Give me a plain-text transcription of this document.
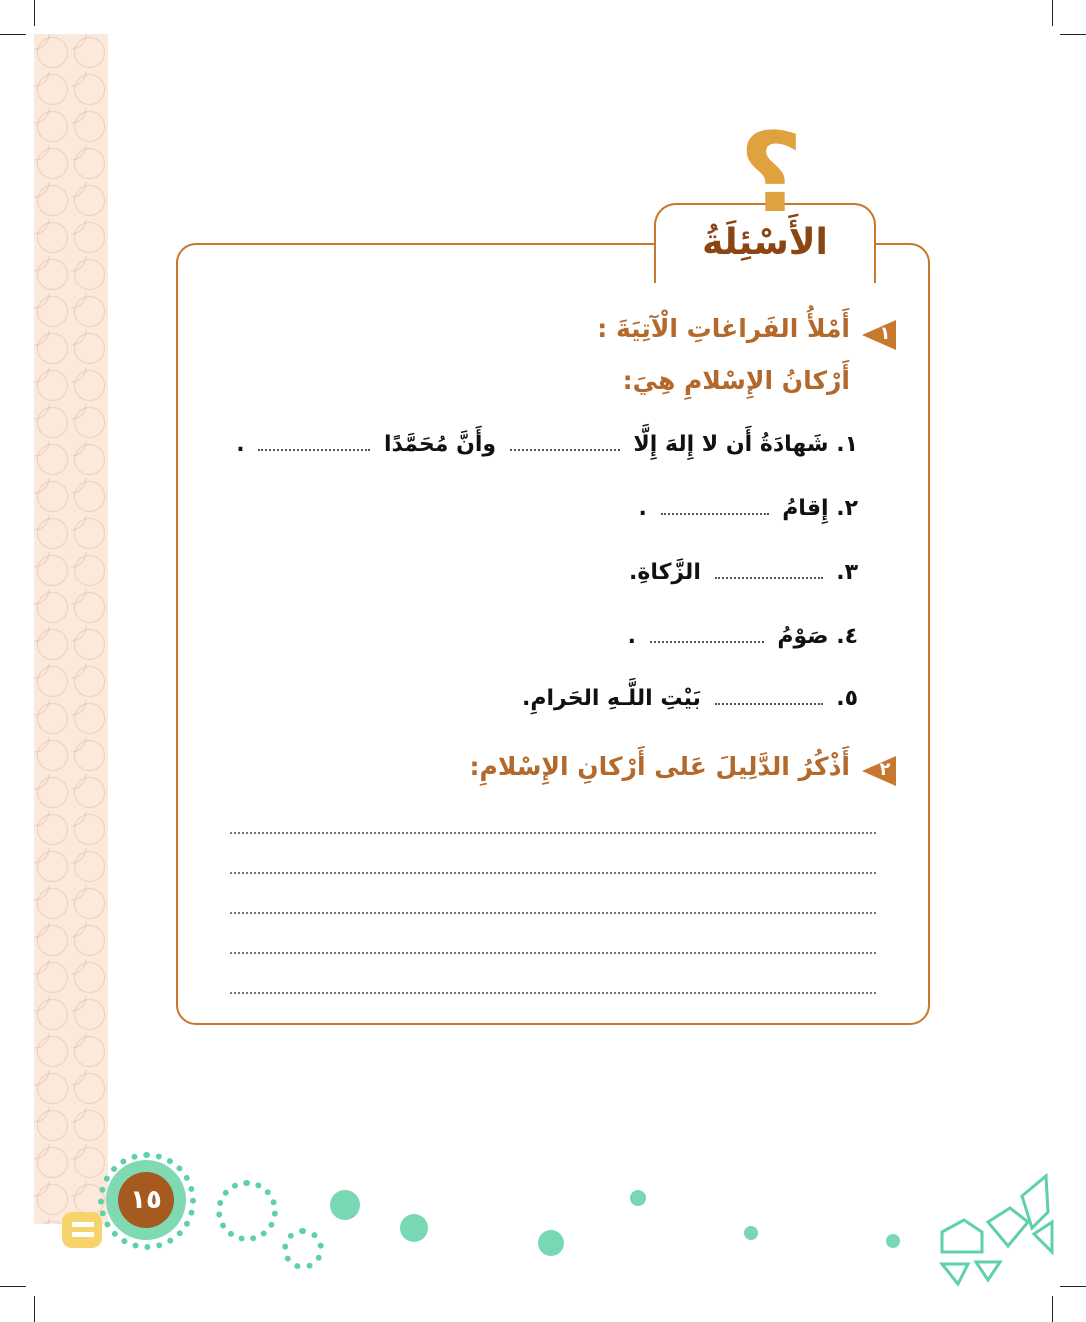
؟
الأَسْئِلَةُ
١
أَمْلأُ الفَراغاتِ الْآتِيَةَ :
أَرْكانُ الإِسْلامِ هِيَ:
١. شَهادَةُ أَن لا إِلهَ إِلَّا  وأَنَّ مُحَمَّدًا  .
٢. إِقامُ  .
٣.  الزَّكاةِ.
٤. صَوْمُ  .
٥.  بَيْتِ اللَّـهِ الحَرامِ.
٢
أَذْكُرُ الدَّلِيلَ عَلى أَرْكانِ الإِسْلامِ:
١٥
